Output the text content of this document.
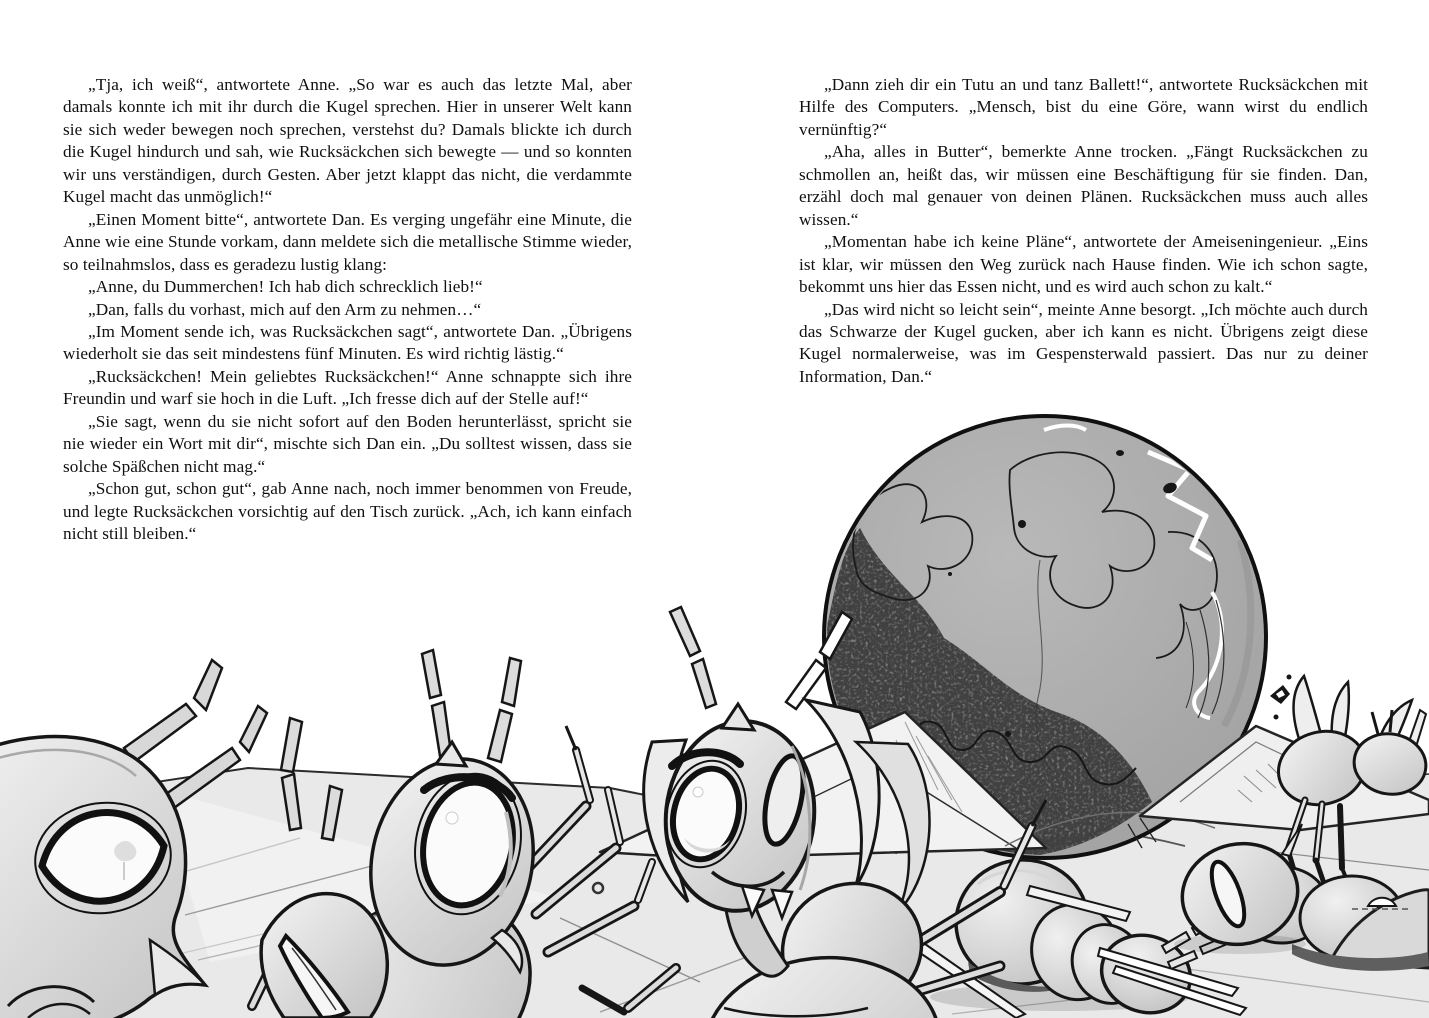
„Tja, ich weiß“, antwortete Anne. „So war es auch das letzte Mal, aber damals konnte ich mit ihr durch die Kugel sprechen. Hier in unserer Welt kann sie sich weder bewegen noch sprechen, verstehst du? Damals blickte ich durch die Kugel hindurch und sah, wie Rucksäckchen sich bewegte — und so konnten wir uns verständigen, durch Gesten. Aber jetzt klappt das nicht, die verdammte Kugel macht das unmöglich!“

„Einen Moment bitte“, antwortete Dan. Es verging ungefähr eine Minute, die Anne wie eine Stunde vorkam, dann meldete sich die metallische Stimme wieder, so teilnahmslos, dass es geradezu lustig klang:

„Anne, du Dummerchen! Ich hab dich schrecklich lieb!“

„Dan, falls du vorhast, mich auf den Arm zu nehmen…“

„Im Moment sende ich, was Rucksäckchen sagt“, antwortete Dan. „Übrigens wiederholt sie das seit mindestens fünf Minuten. Es wird richtig lästig.“

„Rucksäckchen! Mein geliebtes Rucksäckchen!“ Anne schnappte sich ihre Freundin und warf sie hoch in die Luft. „Ich fresse dich auf der Stelle auf!“

„Sie sagt, wenn du sie nicht sofort auf den Boden herunterlässt, spricht sie nie wieder ein Wort mit dir“, mischte sich Dan ein. „Du solltest wissen, dass sie solche Späßchen nicht mag.“

„Schon gut, schon gut“, gab Anne nach, noch immer benommen von Freude, und legte Rucksäckchen vorsichtig auf den Tisch zurück. „Ach, ich kann einfach nicht still bleiben.“

„Dann zieh dir ein Tutu an und tanz Ballett!“, antwortete Rucksäckchen mit Hilfe des Computers. „Mensch, bist du eine Göre, wann wirst du endlich vernünftig?“

„Aha, alles in Butter“, bemerkte Anne trocken. „Fängt Rucksäckchen zu schmollen an, heißt das, wir müssen eine Beschäftigung für sie finden. Dan, erzähl doch mal genauer von deinen Plänen. Rucksäckchen muss auch alles wissen.“

„Momentan habe ich keine Pläne“, antwortete der Ameiseningenieur. „Eins ist klar, wir müssen den Weg zurück nach Hause finden. Wie ich schon sagte, bekommt uns hier das Essen nicht, und es wird auch schon zu kalt.“

„Das wird nicht so leicht sein“, meinte Anne besorgt. „Ich möchte auch durch das Schwarze der Kugel gucken, aber ich kann es nicht. Übrigens zeigt diese Kugel normalerweise, was im Gespensterwald passiert. Das nur zu deiner Information, Dan.“
